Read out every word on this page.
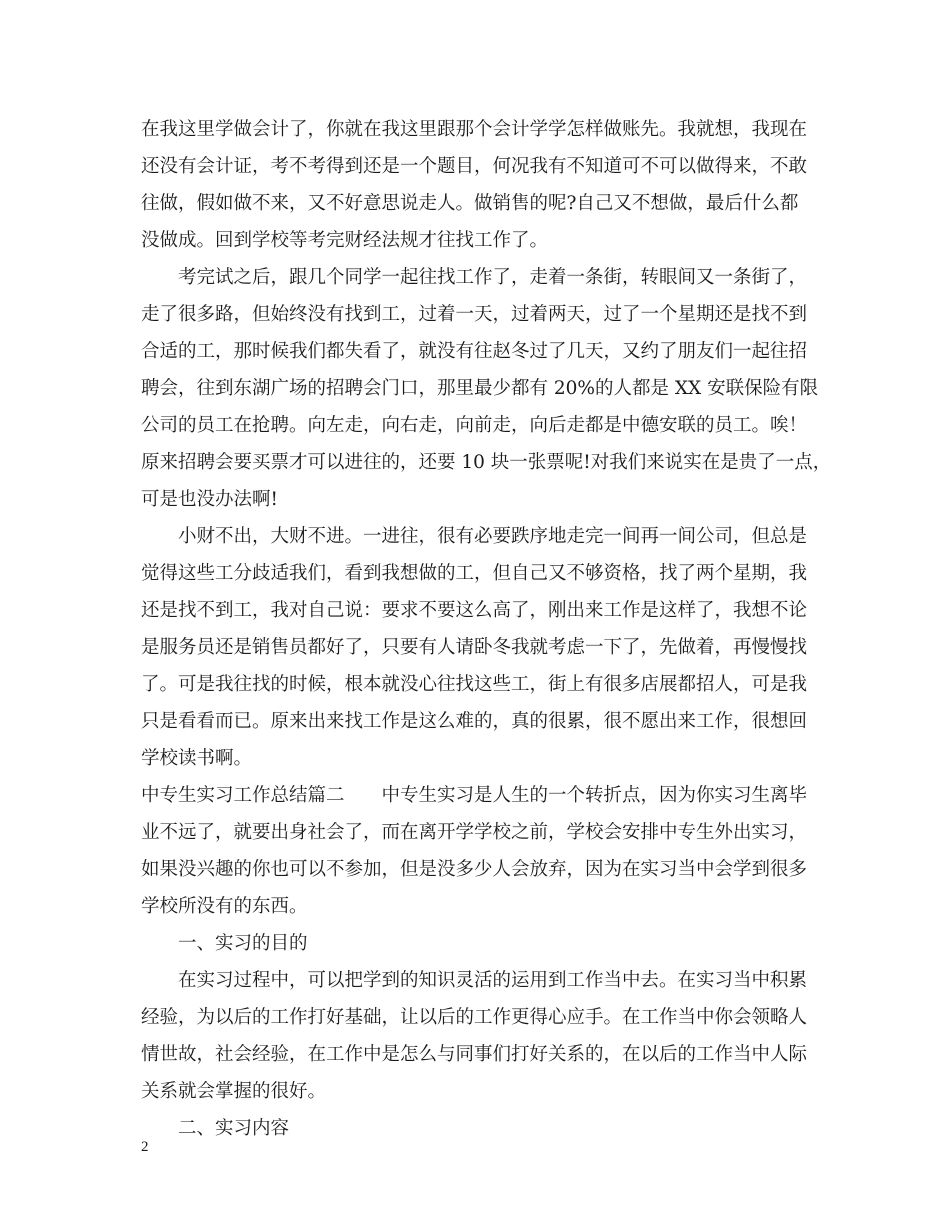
在我这里学做会计了，你就在我这里跟那个会计学学怎样做账先。我就想，我现在
还没有会计证，考不考得到还是一个题目，何况我有不知道可不可以做得来，不敢
往做，假如做不来，又不好意思说走人。做销售的呢?自己又不想做，最后什么都
没做成。回到学校等考完财经法规才往找工作了。
考完试之后，跟几个同学一起往找工作了，走着一条街，转眼间又一条街了，
走了很多路，但始终没有找到工，过着一天，过着两天，过了一个星期还是找不到
合适的工，那时候我们都失看了，就没有往赵冬过了几天，又约了朋友们一起往招
聘会，往到东湖广场的招聘会门口，那里最少都有 20%的人都是 XX 安联保险有限
公司的员工在抢聘。向左走，向右走，向前走，向后走都是中德安联的员工。唉！
原来招聘会要买票才可以进往的，还要 10 块一张票呢!对我们来说实在是贵了一点，
可是也没办法啊!
小财不出，大财不进。一进往，很有必要跌序地走完一间再一间公司，但总是
觉得这些工分歧适我们，看到我想做的工，但自己又不够资格，找了两个星期，我
还是找不到工，我对自己说：要求不要这么高了，刚出来工作是这样了，我想不论
是服务员还是销售员都好了，只要有人请卧冬我就考虑一下了，先做着，再慢慢找
了。可是我往找的时候，根本就没心往找这些工，街上有很多店展都招人，可是我
只是看看而已。原来出来找工作是这么难的，真的很累，很不愿出来工作，很想回
学校读书啊。
中专生实习工作总结篇二　　中专生实习是人生的一个转折点，因为你实习生离毕
业不远了，就要出身社会了，而在离开学学校之前，学校会安排中专生外出实习，
如果没兴趣的你也可以不参加，但是没多少人会放弃，因为在实习当中会学到很多
学校所没有的东西。
一、实习的目的
在实习过程中，可以把学到的知识灵活的运用到工作当中去。在实习当中积累
经验，为以后的工作打好基础，让以后的工作更得心应手。在工作当中你会领略人
情世故，社会经验，在工作中是怎么与同事们打好关系的，在以后的工作当中人际
关系就会掌握的很好。
二、实习内容
2
